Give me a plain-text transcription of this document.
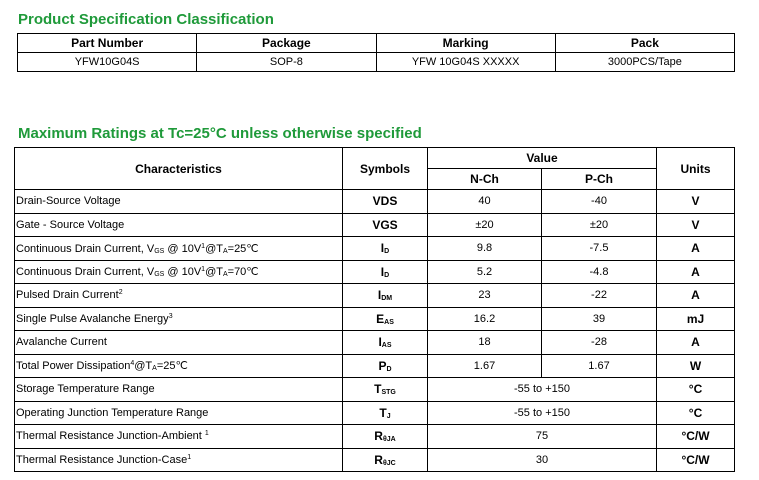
Product Specification Classification
Part Number	Package	Marking	Pack
YFW10G04S	SOP-8	YFW 10G04S XXXXX	3000PCS/Tape
Maximum Ratings at Tc=25°C unless otherwise specified
Characteristics	Symbols	Value		Units
		N-Ch	P-Ch	
Drain-Source Voltage	VDS	40	-40	V
Gate - Source Voltage	VGS	±20	±20	V
Continuous Drain Current, $V_{GS}$ @ $10V^1@T_A=25℃$	$I_D$	9.8	-7.5	A
Continuous Drain Current, $V_{GS}$ @ $10V^1@T_A=70℃$	$I_D$	5.2	-4.8	A
Pulsed Drain Current$^2$	$I_{DM}$	23	-22	A
Single Pulse Avalanche Energy$^3$	$E_{AS}$	16.2	39	mJ
Avalanche Current	$I_{AS}$	18	-28	A
Total Power $Dissipation^4@T_A=25℃$	$P_D$	1.67	1.67	W
Storage Temperature Range	$T_{STG}$	-55 to +150		°C
Operating Junction Temperature Range	$T_J$	-55 to +150		°C
Thermal Resistance Junction-Ambient $^1$	$R_{\theta JA}$	75		°C/W
Thermal Resistance Junction-Case$^1$	$R_{\theta JC}$	30		°C/W
